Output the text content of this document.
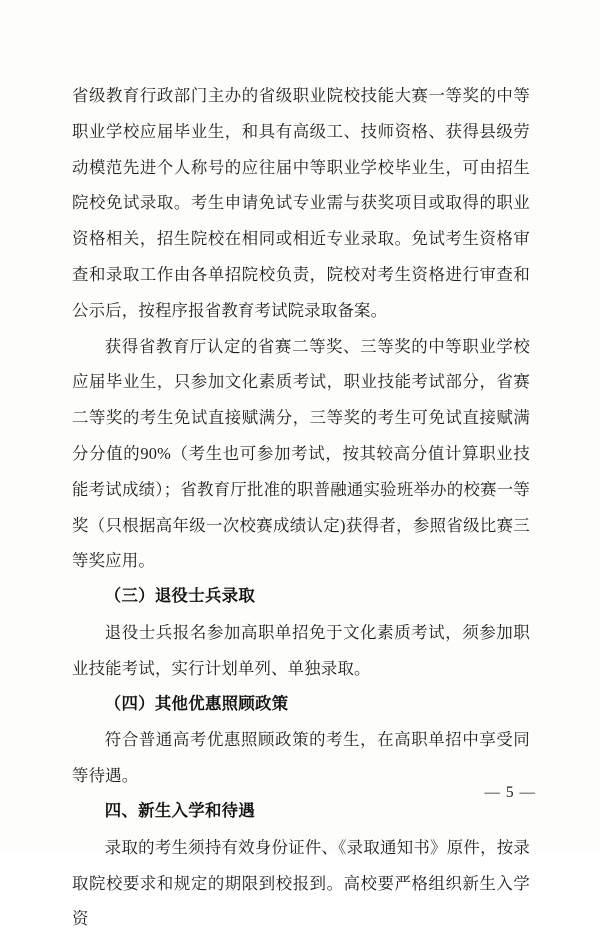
省级教育行政部门主办的省级职业院校技能大赛一等奖的中等职业学校应届毕业生，和具有高级工、技师资格、获得县级劳动模范先进个人称号的应往届中等职业学校毕业生，可由招生院校免试录取。考生申请免试专业需与获奖项目或取得的职业资格相关，招生院校在相同或相近专业录取。免试考生资格审查和录取工作由各单招院校负责，院校对考生资格进行审查和公示后，按程序报省教育考试院录取备案。

获得省教育厅认定的省赛二等奖、三等奖的中等职业学校应届毕业生，只参加文化素质考试，职业技能考试部分，省赛二等奖的考生免试直接赋满分，三等奖的考生可免试直接赋满分分值的90%（考生也可参加考试，按其较高分值计算职业技能考试成绩）；省教育厅批准的职普融通实验班举办的校赛一等奖（只根据高年级一次校赛成绩认定)获得者，参照省级比赛三等奖应用。

（三）退役士兵录取

退役士兵报名参加高职单招免于文化素质考试，须参加职业技能考试，实行计划单列、单独录取。

（四）其他优惠照顾政策

符合普通高考优惠照顾政策的考生，在高职单招中享受同等待遇。

四、新生入学和待遇

录取的考生须持有效身份证件、《录取通知书》原件，按录取院校要求和规定的期限到校报到。高校要严格组织新生入学资

— 5 —
